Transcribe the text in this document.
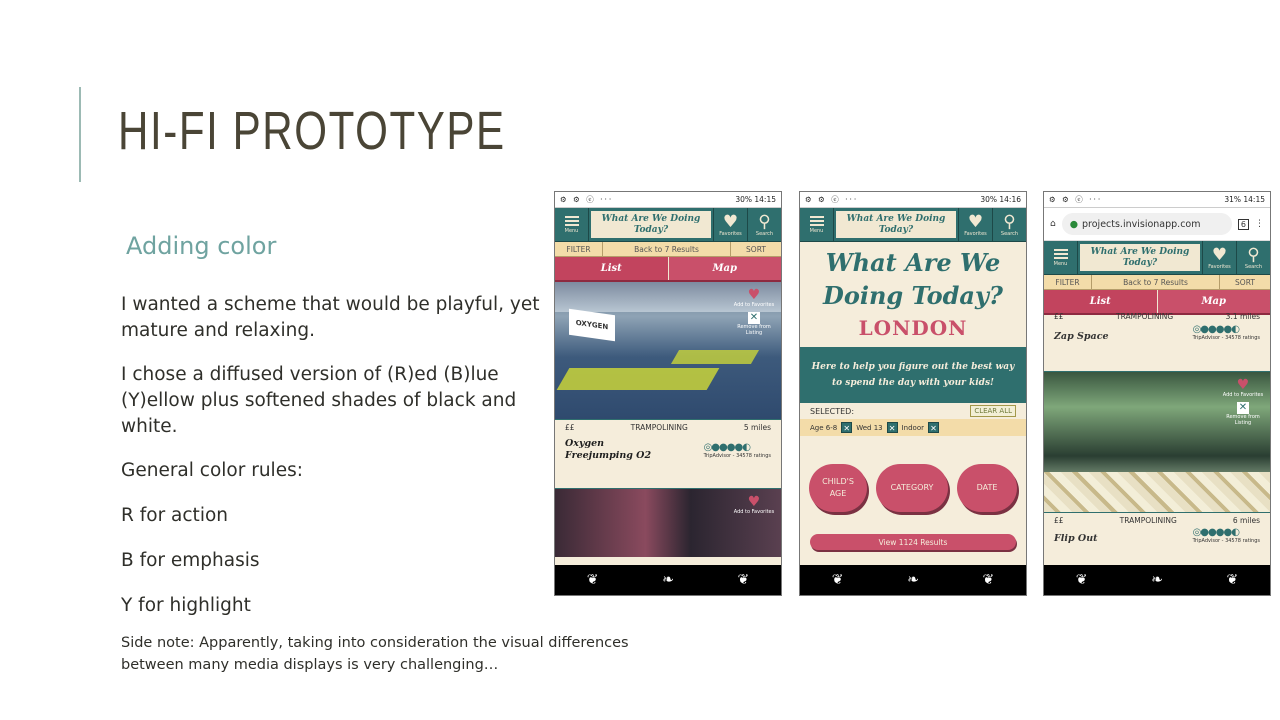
HI-FI PROTOTYPE
Adding color

I wanted a scheme that would be playful, yet mature and relaxing.

I chose a diffused version of (R)ed (B)lue (Y)ellow plus softened shades of black and white.

General color rules:

R for action

B for emphasis

Y for highlight

Side note: Apparently, taking into consideration the visual differences between many media displays is very challenging…
⚙ ⚙ ⓔ ···	30% 14:15
Menu
What Are We Doing Today?	♥
Favorites
⚲
Search
FILTER	Back to 7 Results	SORT
List	Map
OXYGEN
♥
Add to Favorites
✕
Remove from Listing
££	TRAMPOLINING	5 miles
Oxygen Freejumping O2
◎●●●●◐
TripAdvisor - 34578 ratings
♥
Add to Favorites
❦	❧	❦
⚙ ⚙ ⓔ ···	30% 14:16
Menu
What Are We Doing Today?	♥
Favorites
⚲
Search
What Are We Doing Today?
LONDON
Here to help you figure out the best way to spend the day with your kids!
SELECTED:	CLEAR ALL
Age 6-8 ✕ Wed 13 ✕ Indoor ✕
CHILD'S AGE
CATEGORY	DATE
View 1124 Results
❦	❧	❦
⚙ ⚙ ⓔ ···	31% 14:15
⌂ ● projects.invisionapp.com	6	⋮
Menu
What Are We Doing Today?	♥
Favorites
⚲
Search
FILTER	Back to 7 Results	SORT
List	Map
££	TRAMPOLINING	3.1 miles
Zap Space
◎●●●●◐
TripAdvisor - 34578 ratings
♥
Add to Favorites
✕
Remove from Listing
££	TRAMPOLINING	6 miles
Flip Out
◎●●●●◐
TripAdvisor - 34578 ratings
❦	❧	❦
